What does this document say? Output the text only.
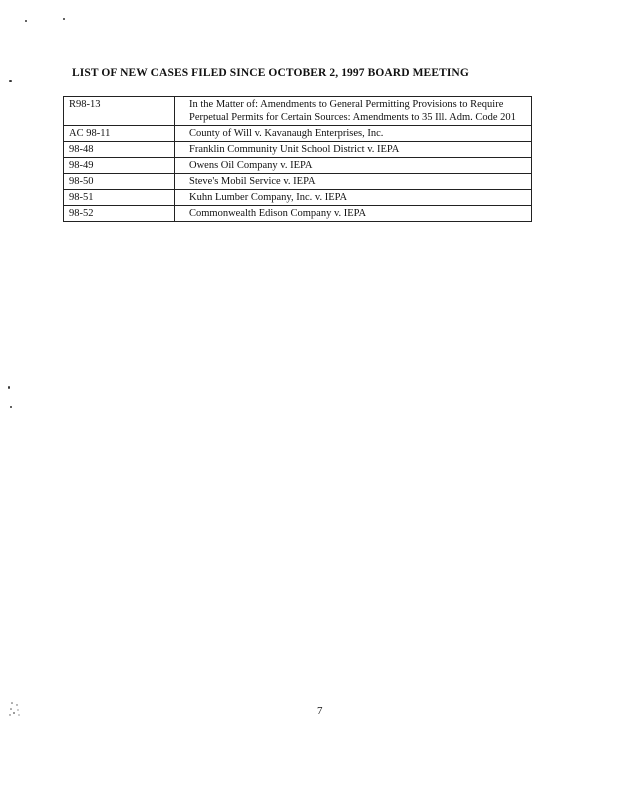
LIST OF NEW CASES FILED SINCE OCTOBER 2, 1997 BOARD MEETING
R98-13	In the Matter of: Amendments to General Permitting Provisions to Require Perpetual Permits for Certain Sources: Amendments to 35 Ill. Adm. Code 201
AC 98-11	County of Will v. Kavanaugh Enterprises, Inc.
98-48	Franklin Community Unit School District v. IEPA
98-49	Owens Oil Company v. IEPA
98-50	Steve's Mobil Service v. IEPA
98-51	Kuhn Lumber Company, Inc. v. IEPA
98-52	Commonwealth Edison Company v. IEPA
7
